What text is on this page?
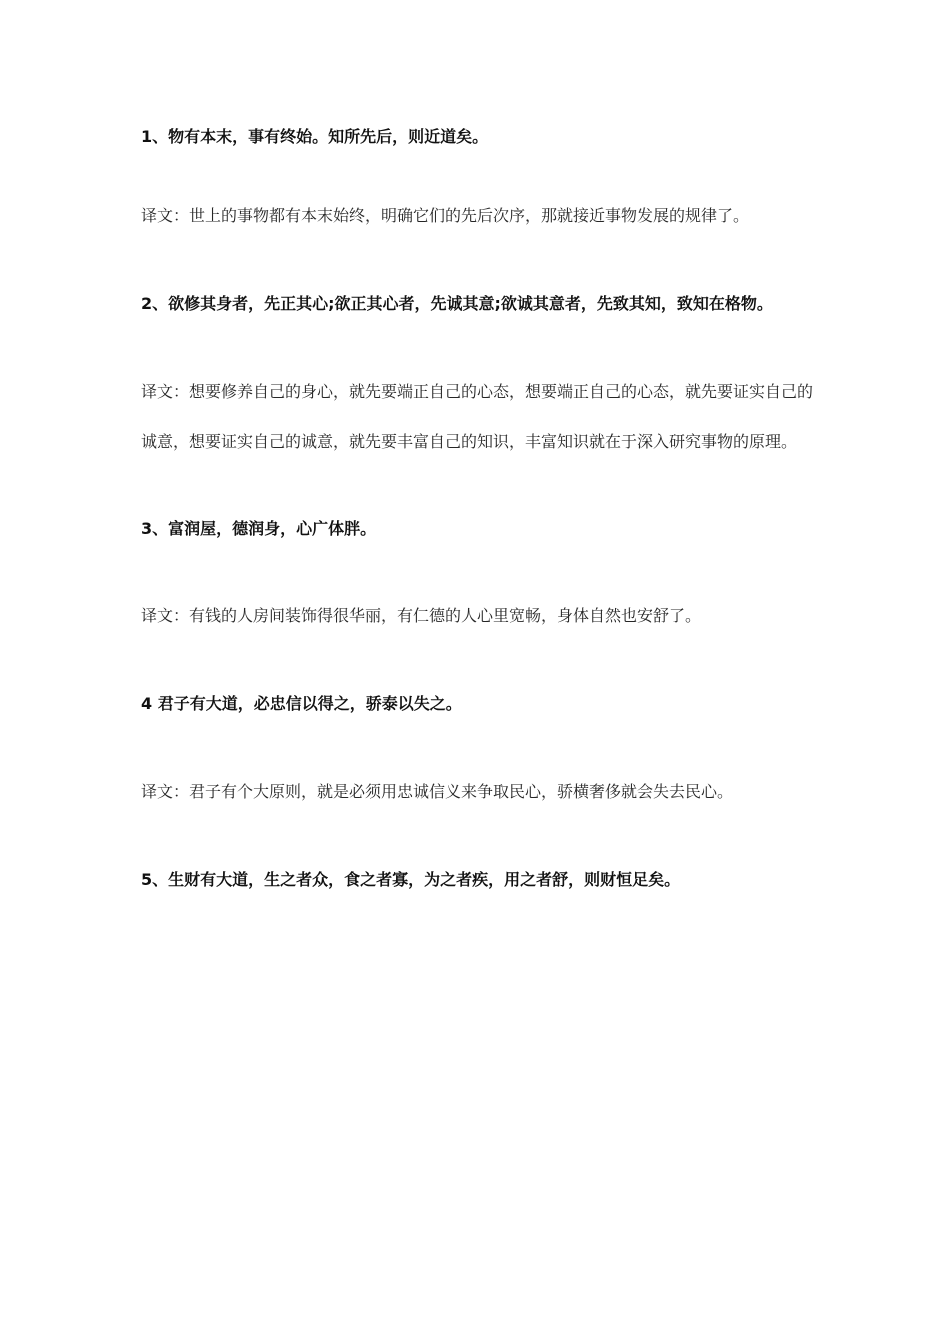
1、物有本末，事有终始。知所先后，则近道矣。
译文：世上的事物都有本末始终，明确它们的先后次序，那就接近事物发展的规律了。
2、欲修其身者，先正其心;欲正其心者，先诚其意;欲诚其意者，先致其知，致知在格物。
译文：想要修养自己的身心，就先要端正自己的心态，想要端正自己的心态，就先要证实自己的
诚意，想要证实自己的诚意，就先要丰富自己的知识，丰富知识就在于深入研究事物的原理。
3、富润屋，德润身，心广体胖。
译文：有钱的人房间装饰得很华丽，有仁德的人心里宽畅，身体自然也安舒了。
4 君子有大道，必忠信以得之，骄泰以失之。
译文：君子有个大原则，就是必须用忠诚信义来争取民心，骄横奢侈就会失去民心。
5、生财有大道，生之者众，食之者寡，为之者疾，用之者舒，则财恒足矣。
